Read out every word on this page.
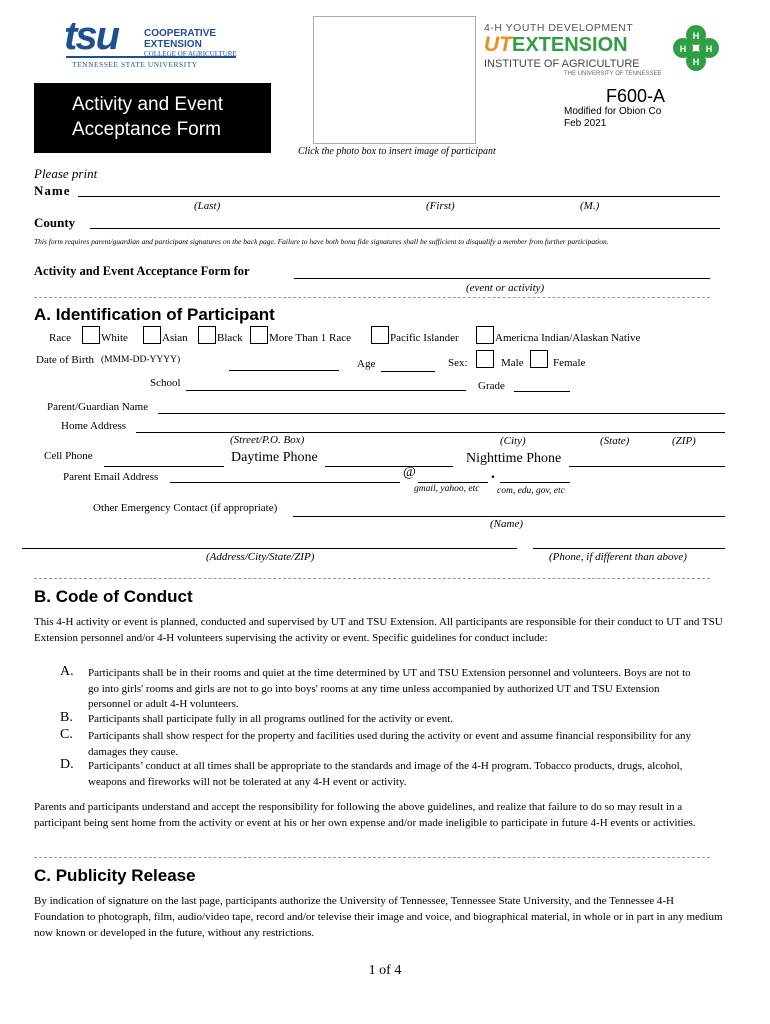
tsu	COOPERATIVE
EXTENSION
COLLEGE OF AGRICULTURE
TENNESSEE STATE UNIVERSITY
Click the photo box to insert image of participant
4-H YOUTH DEVELOPMENT
UT EXTENSION
INSTITUTE OF AGRICULTURE
THE UNIVERSITY OF TENNESSEE
H
H
H H
Activity and Event
Acceptance Form
F600-A
Modified for Obion Co
Feb 2021
Please print
Name
(Last)	(First)	(M.)
County
This form requires parent/guardian and participant signatures on the back page. Failure to have both bona fide signatures shall be sufficient to disqualify a member from further participation.
Activity and Event Acceptance Form for
(event or activity)
A. Identification of Participant
Race	White	Asian	Black More Than 1 Race	Pacific Islander	Americna Indian/Alaskan Native
Date of Birth (MMM-DD-YYYY)	Age	Sex:	Male	Female
School	Grade
Parent/Guardian Name
Home Address
(Street/P.O. Box)	(City)	(State)	(ZIP)
Cell Phone	Daytime Phone	Nighttime Phone
Parent Email Address	@	.
gmail, yahoo, etc com, edu, gov, etc
Other Emergency Contact (if appropriate)
(Name)
(Address/City/State/ZIP)	(Phone, if different than above)
B. Code of Conduct
This 4-H activity or event is planned, conducted and supervised by UT and TSU Extension. All participants are responsible for their conduct to UT and TSU Extension personnel and/or 4-H volunteers supervising the activity or event. Specific guidelines for conduct include:
A. Participants shall be in their rooms and quiet at the time determined by UT and TSU Extension personnel and volunteers. Boys are not to go into girls' rooms and girls are not to go into boys' rooms at any time unless accompanied by authorized UT and TSU Extension personnel or adult 4-H volunteers.
B. Participants shall participate fully in all programs outlined for the activity or event.
C. Participants shall show respect for the property and facilities used during the activity or event and assume financial responsibility for any damages they cause.
D. Participants’ conduct at all times shall be appropriate to the standards and image of the 4-H program. Tobacco products, drugs, alcohol, weapons and fireworks will not be tolerated at any 4-H event or activity.
Parents and participants understand and accept the responsibility for following the above guidelines, and realize that failure to do so may result in a participant being sent home from the activity or event at his or her own expense and/or made ineligible to participate in future 4-H events or activities.
C. Publicity Release
By indication of signature on the last page, participants authorize the University of Tennessee, Tennessee State University, and the Tennessee 4-H Foundation to photograph, film, audio/video tape, record and/or televise their image and voice, and biographical material, in whole or in part in any medium now known or developed in the future, without any restrictions.
1 of 4
